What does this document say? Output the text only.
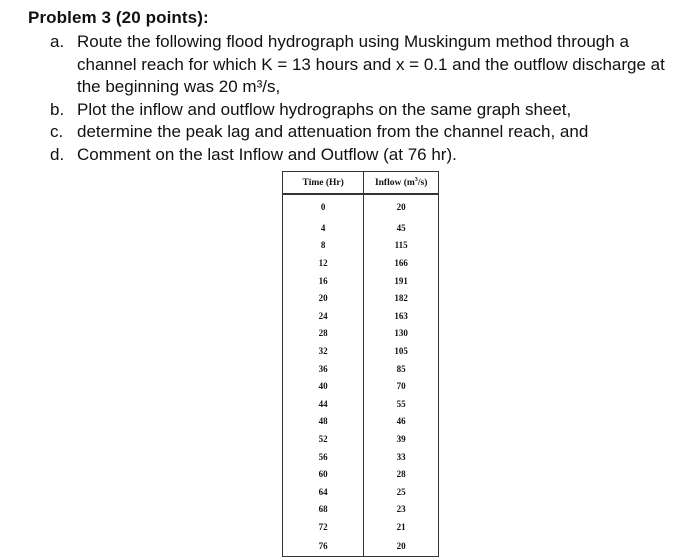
Problem 3 (20 points):
a. Route the following flood hydrograph using Muskingum method through a
channel reach for which K = 13 hours and x = 0.1 and the outflow discharge at
the beginning was 20 m³/s,
b. Plot the inflow and outflow hydrographs on the same graph sheet,
c. determine the peak lag and attenuation from the channel reach, and
d. Comment on the last Inflow and Outflow (at 76 hr).
Time (Hr)	Inflow $(m^3/s)$
0	20
4	45
8	115
12	166
16	191
20	182
24	163
28	130
32	105
36	85
40	70
44	55
48	46
52	39
56	33
60	28
64	25
68	23
72	21
76	20
